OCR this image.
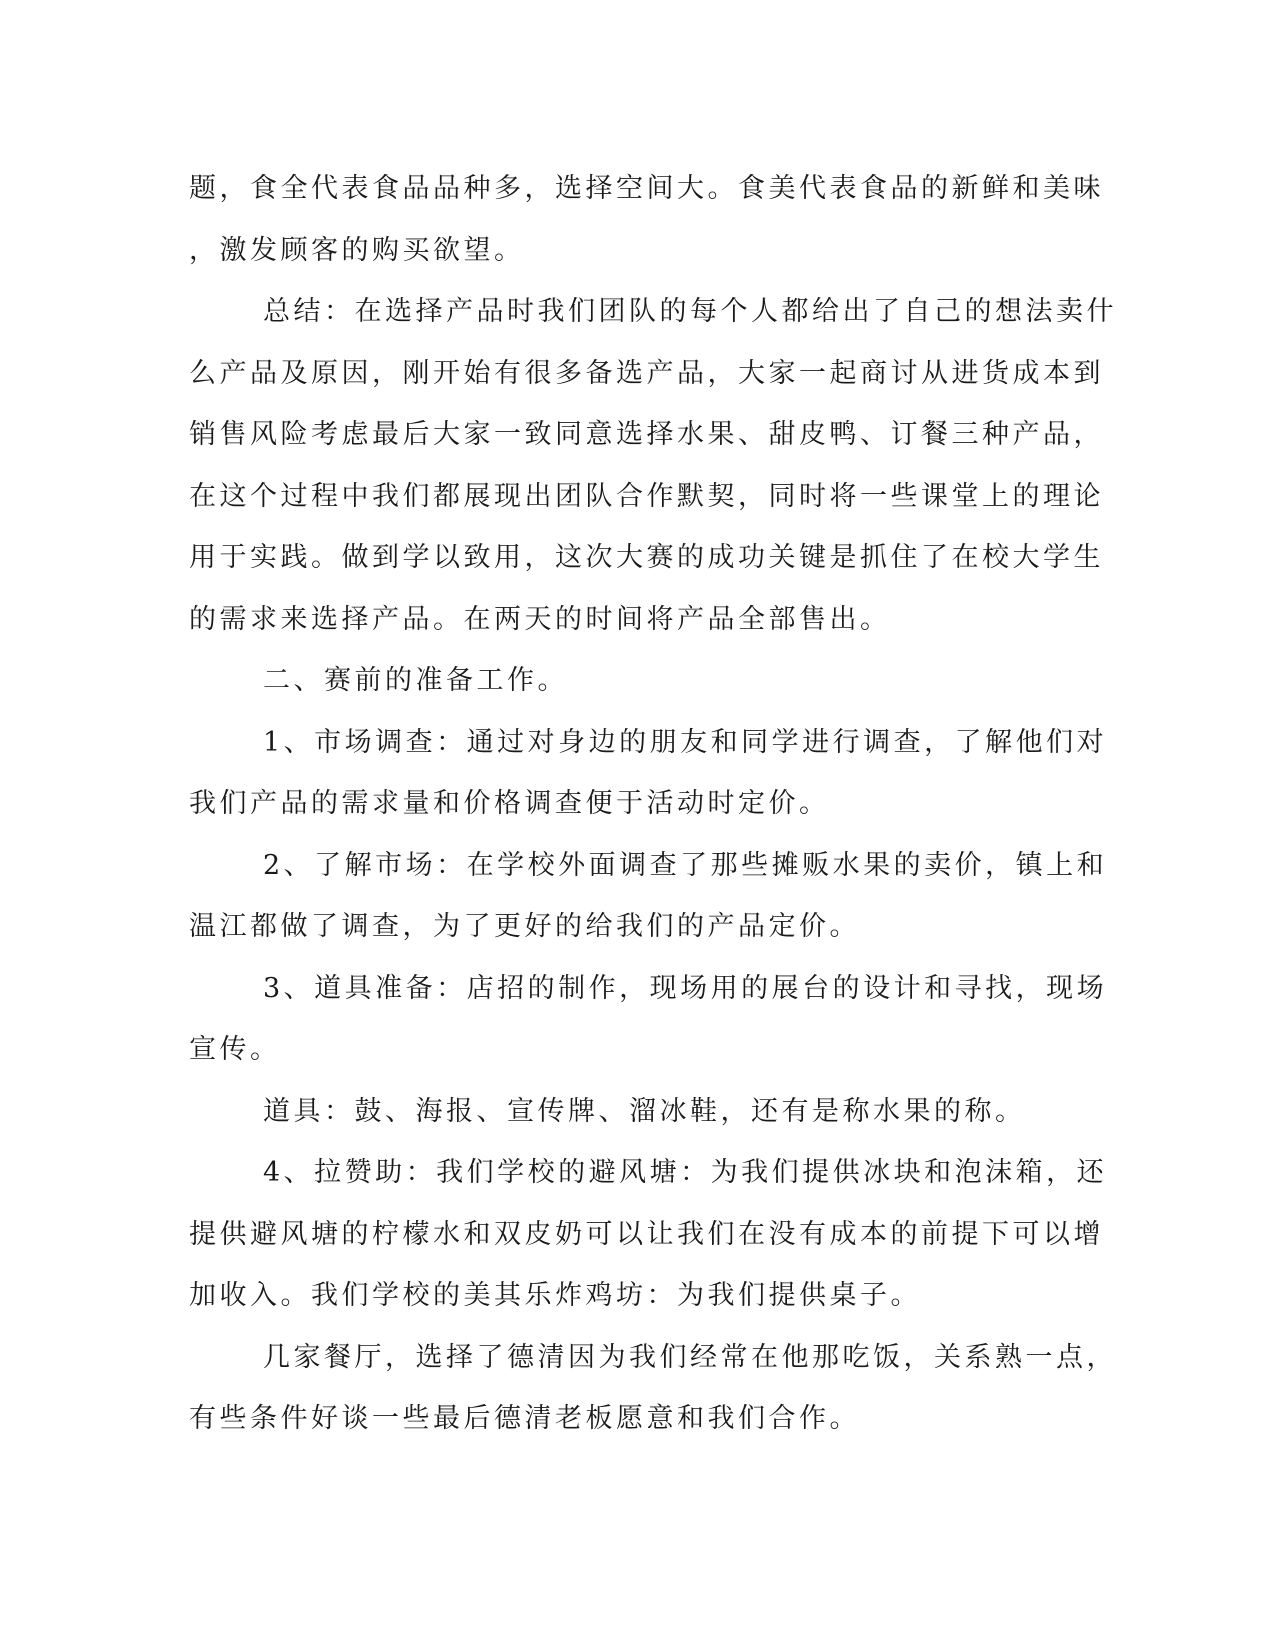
题，食全代表食品品种多，选择空间大。食美代表食品的新鲜和美味
，激发顾客的购买欲望。
总结：在选择产品时我们团队的每个人都给出了自己的想法卖什
么产品及原因，刚开始有很多备选产品，大家一起商讨从进货成本到
销售风险考虑最后大家一致同意选择水果、甜皮鸭、订餐三种产品，
在这个过程中我们都展现出团队合作默契，同时将一些课堂上的理论
用于实践。做到学以致用，这次大赛的成功关键是抓住了在校大学生
的需求来选择产品。在两天的时间将产品全部售出。
二、赛前的准备工作。
1、市场调查：通过对身边的朋友和同学进行调查，了解他们对
我们产品的需求量和价格调查便于活动时定价。
2、了解市场：在学校外面调查了那些摊贩水果的卖价，镇上和
温江都做了调查，为了更好的给我们的产品定价。
3、道具准备：店招的制作，现场用的展台的设计和寻找，现场
宣传。
道具：鼓、海报、宣传牌、溜冰鞋，还有是称水果的称。
4、拉赞助：我们学校的避风塘：为我们提供冰块和泡沫箱，还
提供避风塘的柠檬水和双皮奶可以让我们在没有成本的前提下可以增
加收入。我们学校的美其乐炸鸡坊：为我们提供桌子。
几家餐厅，选择了德清因为我们经常在他那吃饭，关系熟一点，
有些条件好谈一些最后德清老板愿意和我们合作。
